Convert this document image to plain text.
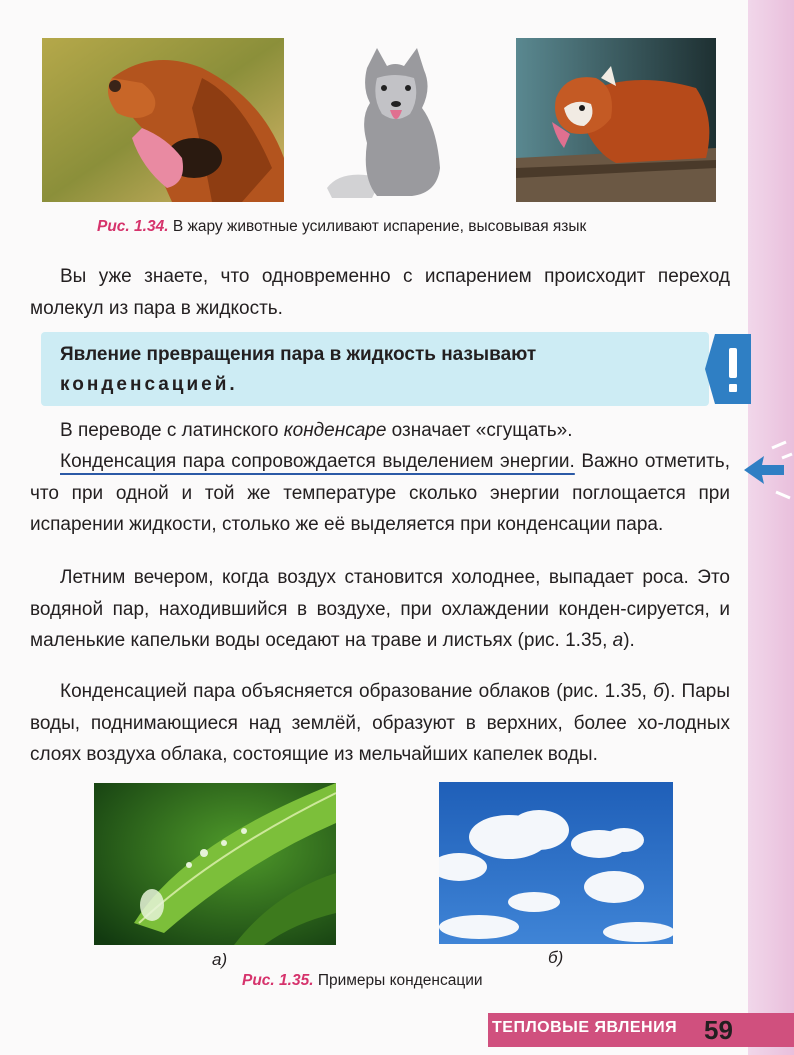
Рис. 1.34. В жару животные усиливают испарение, высовывая язык

Вы уже знаете, что одновременно с испарением происходит переход молекул из пара в жидкость.

Явление превращения пара в жидкость называют
конденсацией.

В переводе с латинского конденсаре означает «сгущать».

Конденсация пара сопровождается выделением энергии. Важно отметить, что при одной и той же температуре сколько энергии поглощается при испарении жидкости, столько же её выделяется при конденсации пара.

Летним вечером, когда воздух становится холоднее, выпадает роса. Это водяной пар, находившийся в воздухе, при охлаждении конден-сируется, и маленькие капельки воды оседают на траве и листьях (рис. 1.35, а).

Конденсацией пара объясняется образование облаков (рис. 1.35, б). Пары воды, поднимающиеся над землёй, образуют в верхних, более хо-лодных слоях воздуха облака, состоящие из мельчайших капелек воды.

а)	б)
Рис. 1.35. Примеры конденсации
ТЕПЛОВЫЕ ЯВЛЕНИЯ 59
